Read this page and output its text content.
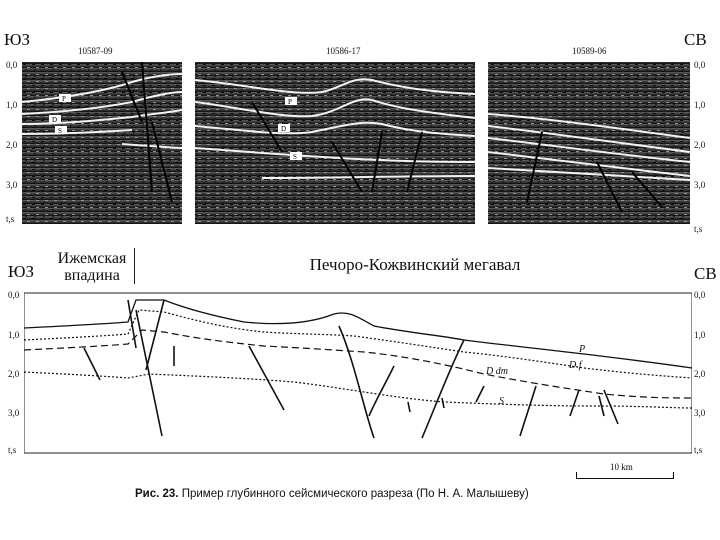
ЮЗ	СВ
10587-09	10586-17	10589-06
0,0
1,0
2,0
3,0
t,s
0,0
1,0
2,0
3,0
t,s
P
D
S
P
D
S
ЮЗ	СВ
Ижемская
впадина
Печоро-Кожвинский мегавал
0,0
1,0
2,0
3,0
t,s
0,0
1,0
2,0
3,0
t,s
P
D f
D dm
S
10 km
Рис. 23. Пример глубинного сейсмического разреза (По Н. А. Малышеву)
